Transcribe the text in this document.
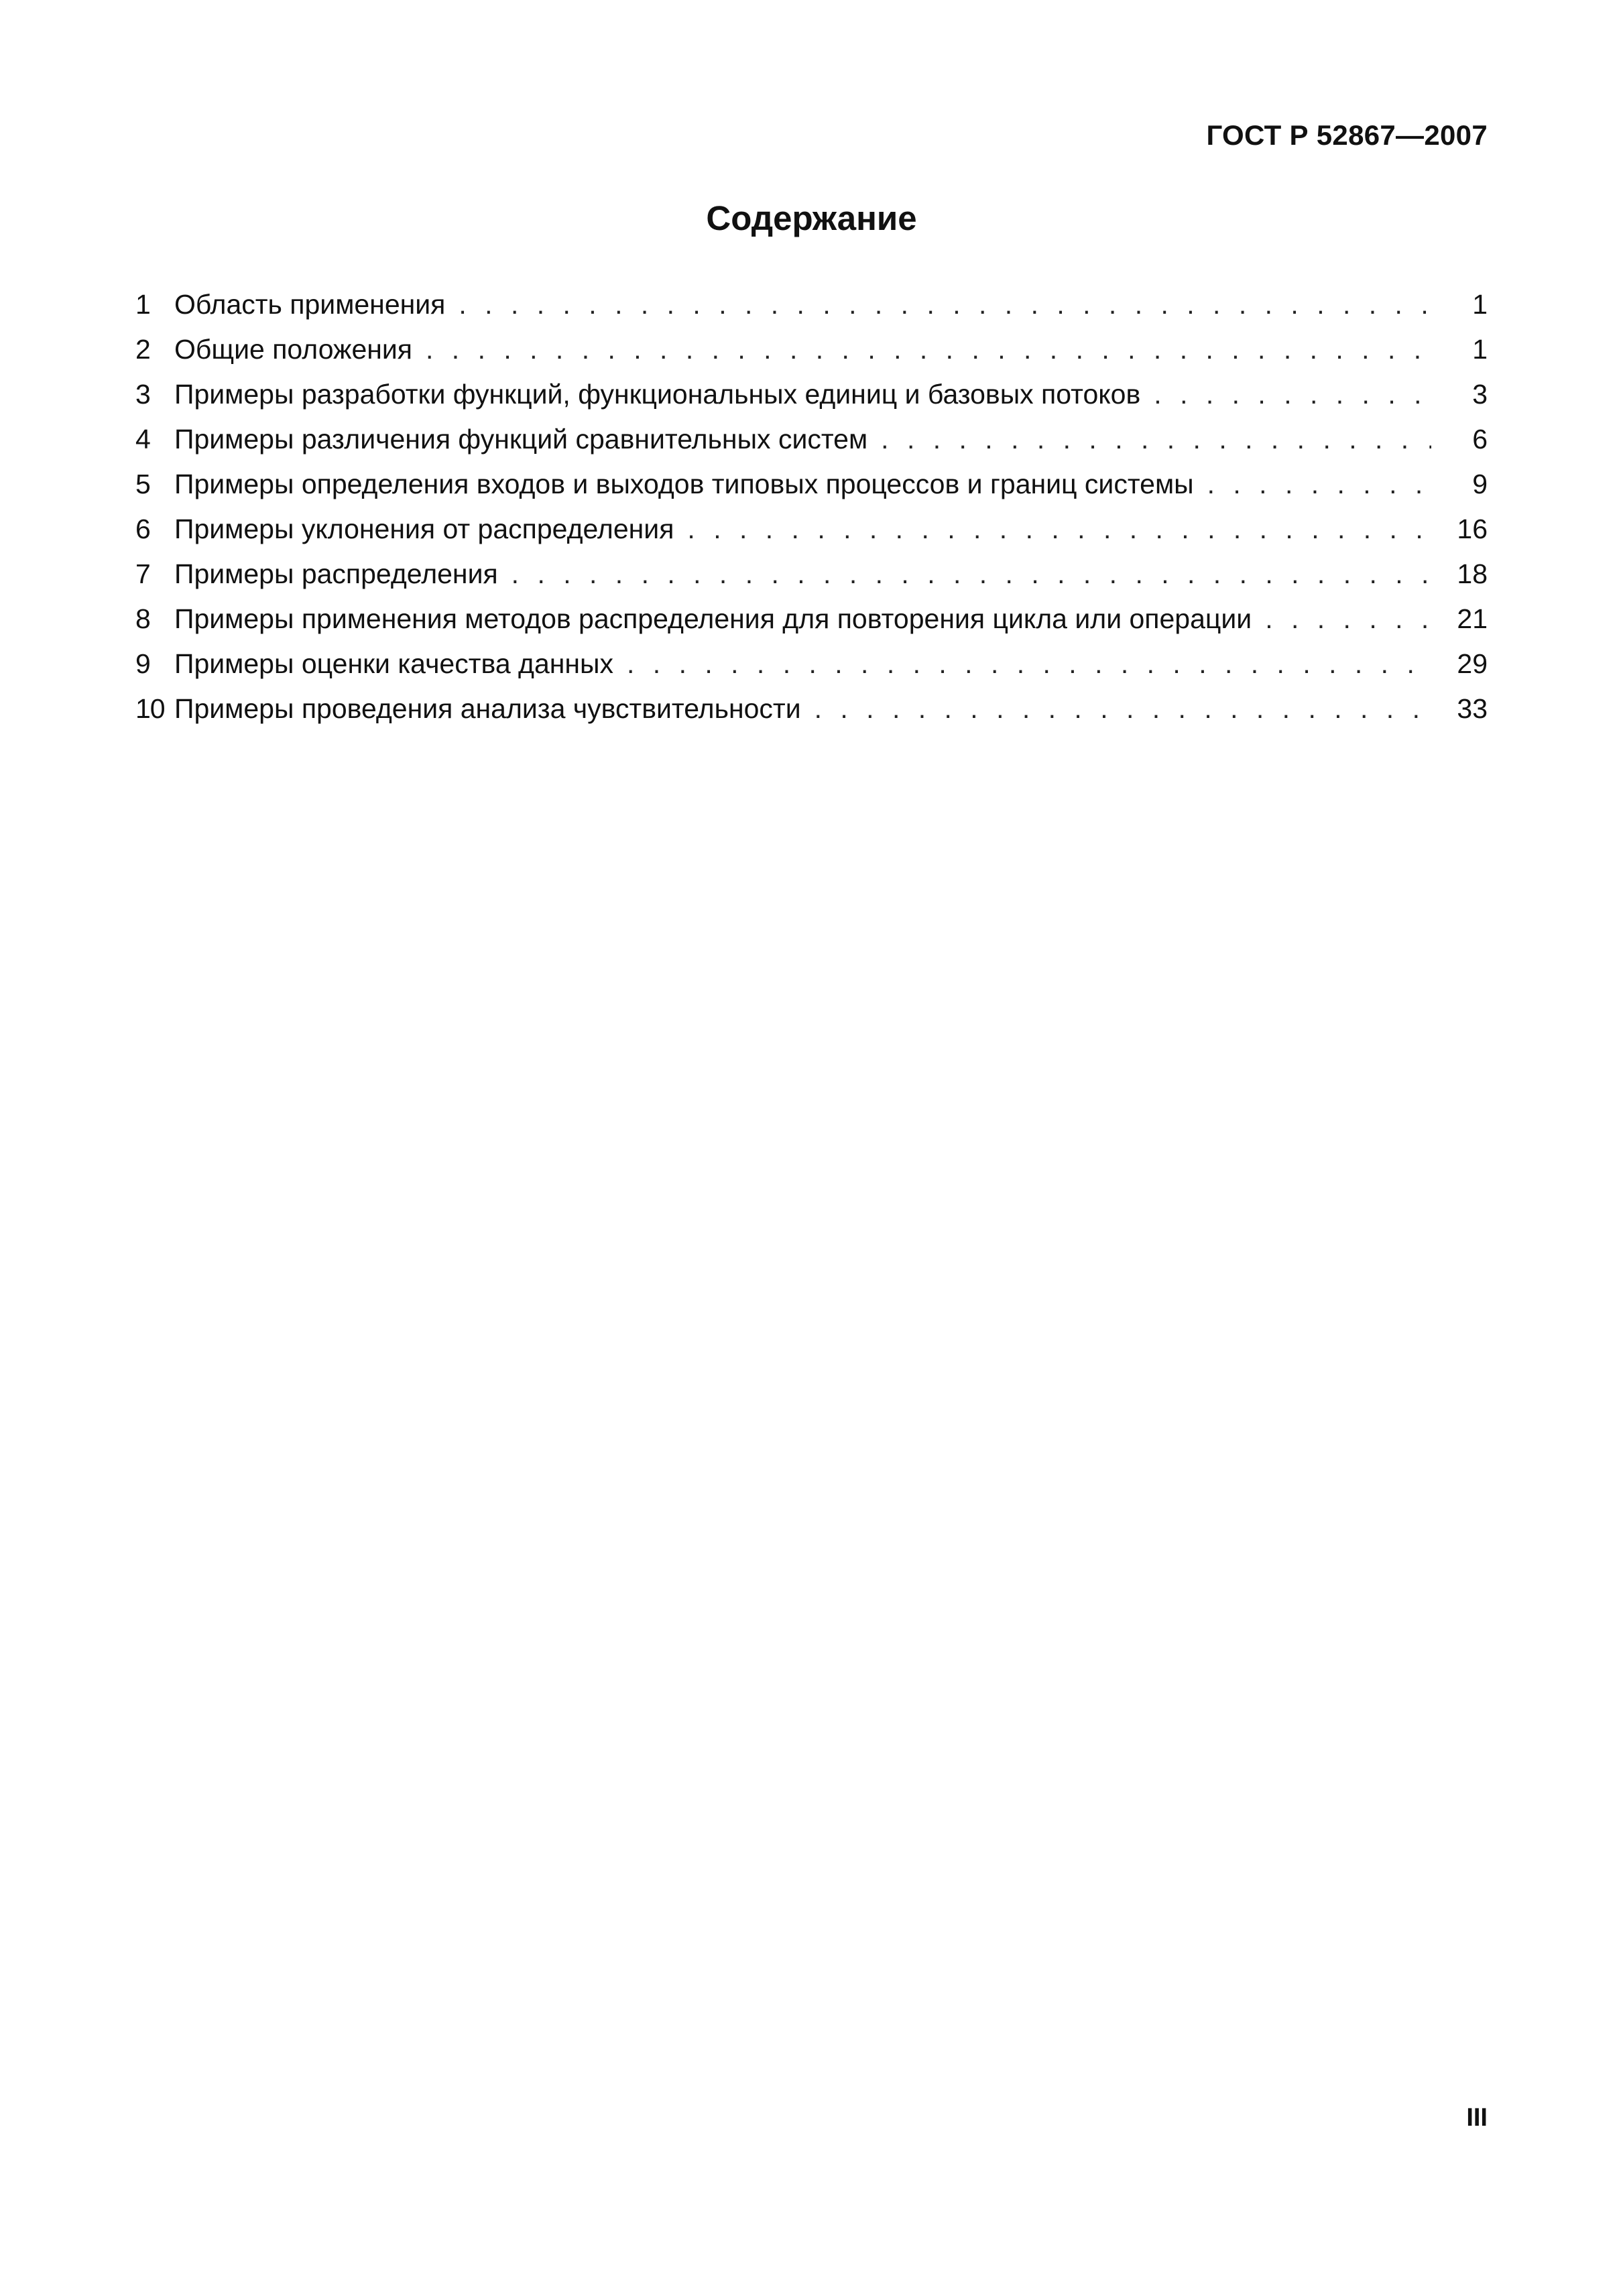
ГОСТ Р 52867—2007
Содержание
1 Область применения . . .	1
2 Общие положения . . .	1
3 Примеры разработки функций, функциональных единиц и базовых потоков . . .	3
4 Примеры различения функций сравнительных систем . . .	6
5 Примеры определения входов и выходов типовых процессов и границ системы . . .	9
6 Примеры уклонения от распределения . . .	16
7 Примеры распределения . . .	18
8 Примеры применения методов распределения для повторения цикла или операции . . .	21
9 Примеры оценки качества данных . . .	29
10 Примеры проведения анализа чувствительности . . .	33
III
